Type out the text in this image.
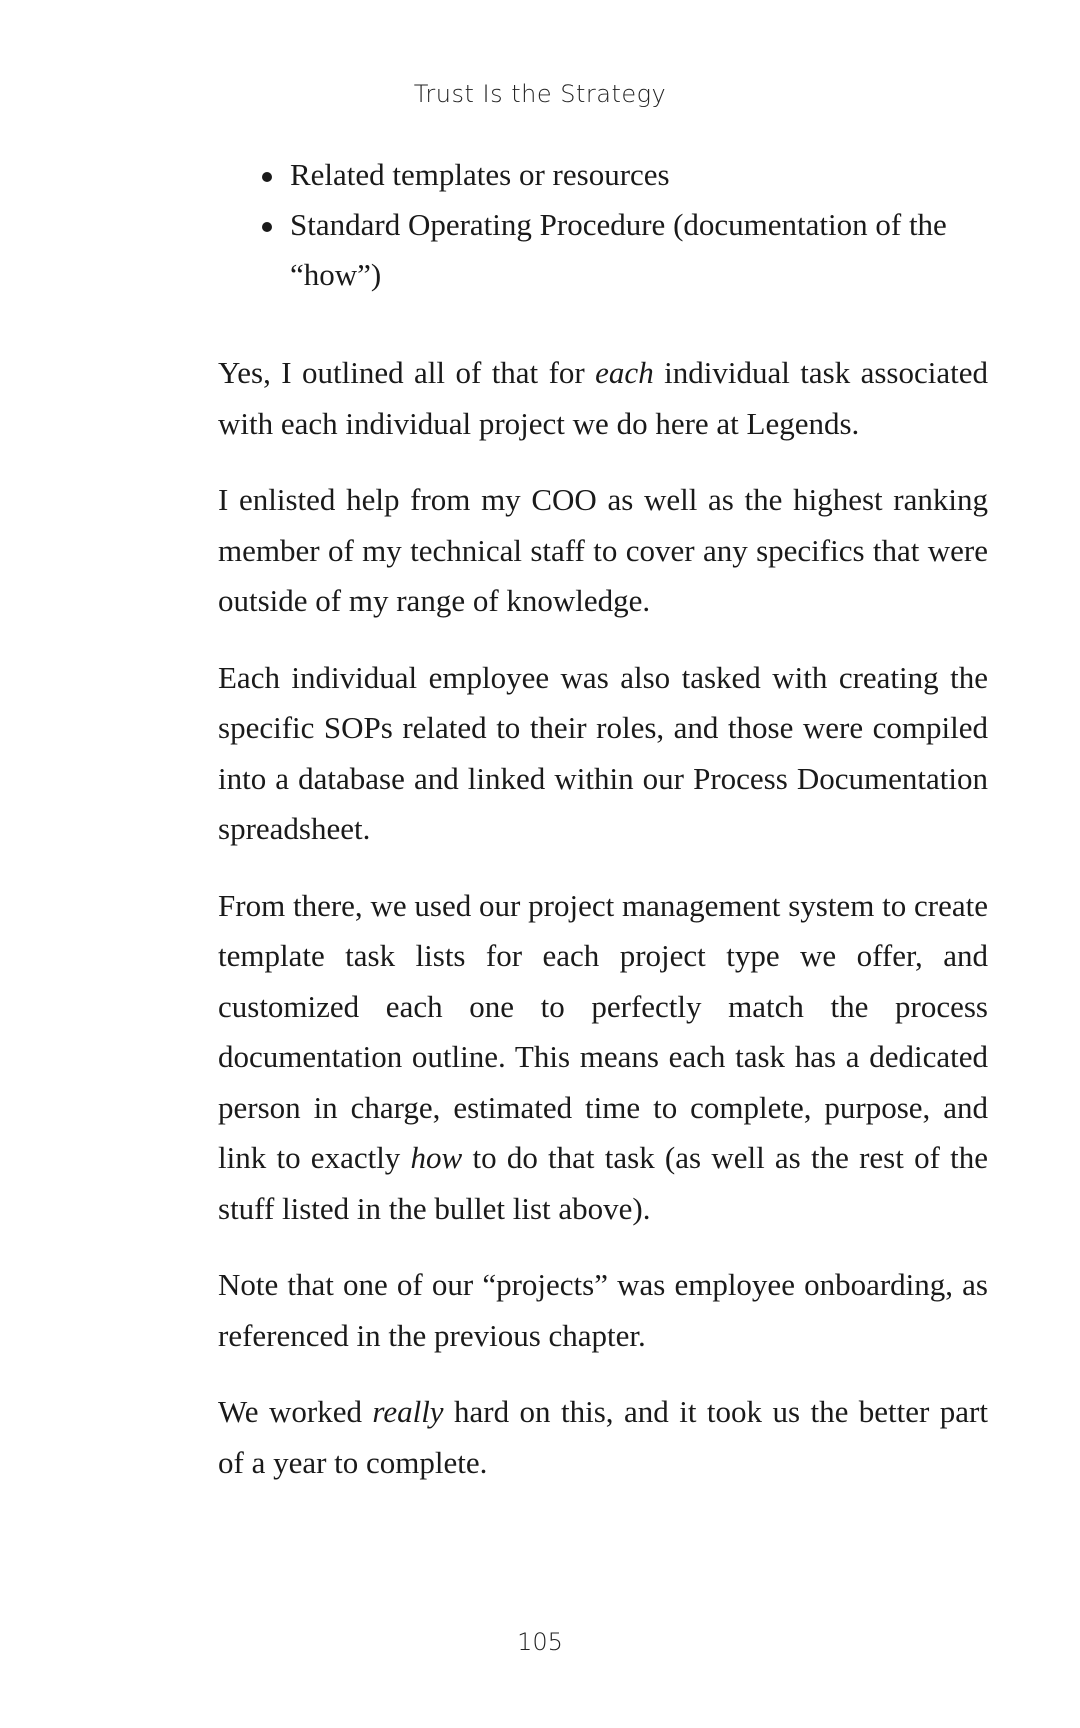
Trust Is the Strategy
Related templates or resources
Standard Operating Procedure (documentation of the “how”)

Yes, I outlined all of that for each individual task associated with each individual project we do here at Legends.

I enlisted help from my COO as well as the highest ranking member of my technical staff to cover any specifics that were outside of my range of knowledge.

Each individual employee was also tasked with creating the specific SOPs related to their roles, and those were compiled into a database and linked within our Process Documentation spreadsheet.

From there, we used our project management system to create template task lists for each project type we offer, and customized each one to perfectly match the process documentation outline. This means each task has a dedicated person in charge, estimated time to complete, purpose, and link to exactly how to do that task (as well as the rest of the stuff listed in the bullet list above).

Note that one of our “projects” was employee onboarding, as referenced in the previous chapter.

We worked really hard on this, and it took us the better part of a year to complete.

105
